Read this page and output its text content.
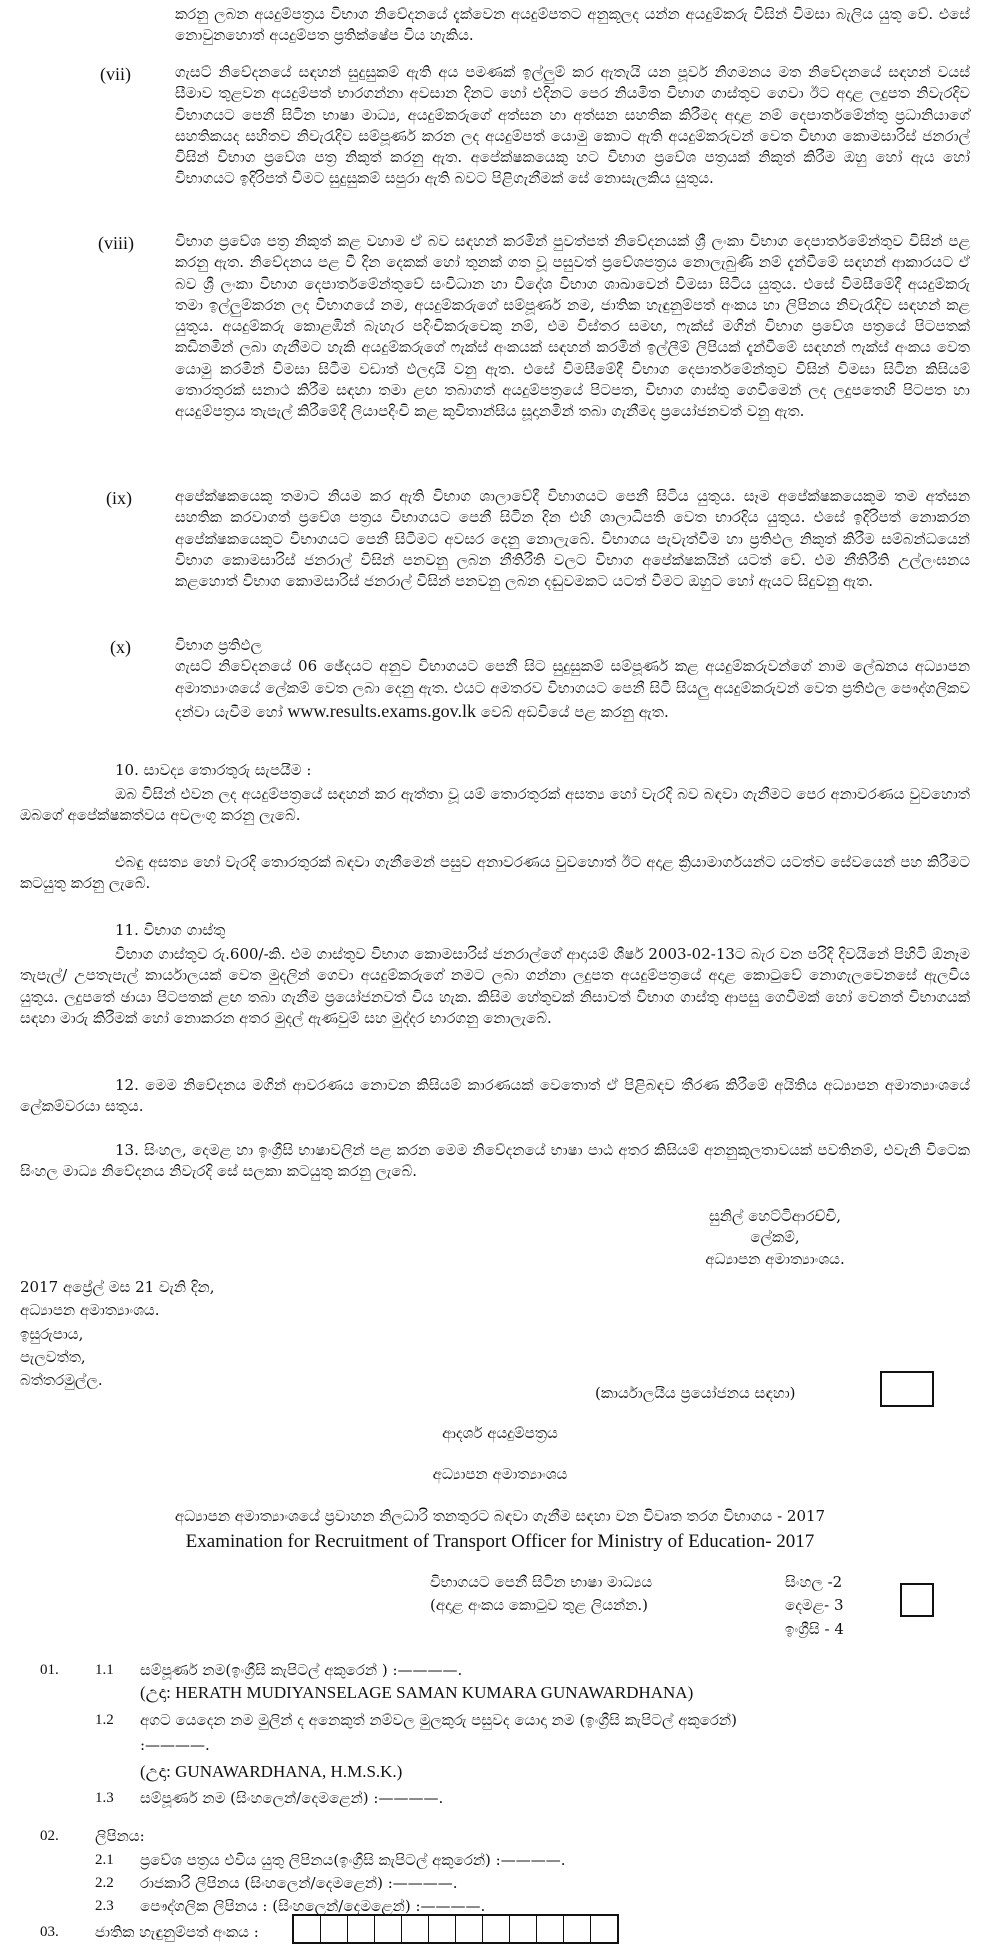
කරනු ලබන අයදුම්පත්‍රය විභාග නිවේදනයේ දැක්වෙන අයදුම්පතට අනුකූලද යන්න අයදුම්කරු විසින් විමසා බැලිය යුතු වේ. එසේ නොවුනහොත් අයදුම්පත ප්‍රතික්ෂේප විය හැකිය.

(vii)	ගැසට් නිවේදනයේ සඳහන් සුදුසුකම් ඇති අය පමණක් ඉල්ලුම් කර ඇතැයි යන පූර්ව නිගමනය මත නිවේදනයේ සඳහන් වයස් සීමාව තුළවන අයදුම්පත් භාරගන්නා අවසාන දිනට හෝ එදිනට පෙර නියමිත විභාග ගාස්තුව ගෙවා ඊට අදාළ ලදුපත නිවැරදිව විභාගයට පෙනී සිටින භාෂා මාධ්‍ය, අයදුම්කරුගේ අත්සන හා අත්සන සහතික කිරීමද අදාළ නම් දෙපාර්තමේන්තු ප්‍රධානියාගේ සහතිකයද සහිතව නිවැරැදිව සම්පූර්ණ කරන ලද අයදුම්පත් යොමු කොට ඇති අයදුම්කරුවන් වෙත විභාග කොමසාරිස් ජනරාල් විසින් විභාග ප්‍රවේශ පත්‍ර නිකුත් කරනු ඇත. අපේක්ෂකයෙකු හට විභාග ප්‍රවේශ පත්‍රයක් නිකුත් කිරීම ඔහු හෝ ඇය හෝ විභාගයට ඉදිරිපත් වීමට සුදුසුකම් සපුරා ඇති බවට පිළිගැනීමක් සේ නොසැලකිය යුතුය.

(viii)	විභාග ප්‍රවේශ පත්‍ර නිකුත් කළ වහාම ඒ බව සඳහන් කරමින් පුවත්පත් නිවේදනයක් ශ්‍රී ලංකා විභාග දෙපාර්තමේන්තුව විසින් පළ කරනු ඇත. නිවේදනය පළ වී දින දෙකක් හෝ තුනක් ගත වූ පසුවත් ප්‍රවේශපත්‍රය නොලැබුණි නම් දැන්වීමේ සඳහන් ආකාරයට ඒ බව ශ්‍රී ලංකා විභාග දෙපාර්තමේන්තුවේ සංවිධාන හා විදේශ විභාග ශාඛාවෙන් විමසා සිටිය යුතුය. එසේ විමසීමේදී අයදුම්කරු තමා ඉල්ලුම්කරන ලද විභාගයේ නම, අයදුම්කරුගේ සම්පූර්ණ නම, ජාතික හැඳුනුම්පත් අංකය හා ලිපිනය නිවැරැදිව සඳහන් කළ යුතුය. අයදුම්කරු කොළඹින් බැහැර පදිංචිකරුවෙකු නම්, එම විස්තර සමඟ, ෆැක්ස් මගින් විභාග ප්‍රවේශ පත්‍රයේ පිටපතක් කඩිනමින් ලබා ගැනීමට හැකි අයදුම්කරුගේ ෆැක්ස් අංකයක් සඳහන් කරමින් ඉල්ලීම් ලිපියක් දැන්වීමේ සඳහන් ෆැක්ස් අංකය වෙත යොමු කරමින් විමසා සිටීම වඩාත් ඵලදායි වනු ඇත. එසේ විමසීමේදී විභාග දෙපාර්තමේන්තුව විසින් විමසා සිටින කිසියම් තොරතුරක් සනාථ කිරීම සඳහා තමා ළඟ තබාගත් අයදුම්පත්‍රයේ පිටපත, විභාග ගාස්තු ගෙවීමෙන් ලද ලදුපතෙහි පිටපත හා අයදුම්පත්‍රය තැපැල් කිරීමේදී ලියාපදිංචි කළ කුවිතාන්සිය සූදානමින් තබා ගැනීමද ප්‍රයෝජනවත් වනු ඇත.

(ix)	අපේක්ෂකයෙකු තමාට නියම කර ඇති විභාග ශාලාවේදී විභාගයට පෙනී සිටිය යුතුය. සෑම අපේක්ෂකයෙකුම තම අත්සන සහතික කරවාගත් ප්‍රවේශ පත්‍රය විභාගයට පෙනී සිටින දින එහි ශාලාධිපති වෙත භාරදිය යුතුය. එසේ ඉදිරිපත් නොකරන අපේක්ෂකයෙකුට විභාගයට පෙනී සිටීමට අවසර දෙනු නොලැබේ. විභාගය පැවැත්වීම හා ප්‍රතිඵල නිකුත් කිරීම සම්බන්ධයෙන් විභාග කොමසාරිස් ජනරාල් විසින් පනවනු ලබන නීතිරීති වලට විභාග අපේක්ෂකයින් යටත් වේ. එම නීතිරීති උල්ලංඝනය කළහොත් විභාග කොමසාරිස් ජනරාල් විසින් පනවනු ලබන දඬුවමකට යටත් වීමට ඔහුට හෝ ඇයට සිදුවනු ඇත.

(x)	විභාග ප්‍රතිඵල

ගැසට් නිවේදනයේ 06 ඡේදයට අනුව විභාගයට පෙනී සිට සුදුසුකම් සම්පූර්ණ කළ අයදුම්කරුවන්ගේ නාම ලේඛනය අධ්‍යාපන අමාත්‍යාංශයේ ලේකම් වෙත ලබා දෙනු ඇත. එයට අමතරව විභාගයට පෙනී සිටි සියලු අයදුම්කරුවන් වෙත ප්‍රතිඵල පෞද්ගලිකව දන්වා යැවීම හෝ www.results.exams.gov.lk වෙබ් අඩවියේ පළ කරනු ඇත.

10. සාවද්‍ය තොරතුරු සැපයීම :

ඔබ විසින් එවන ලද අයදුම්පත්‍රයේ සඳහන් කර ඇත්තා වූ යම් තොරතුරක් අසත්‍ය හෝ වැරදි බව බඳවා ගැනීමට පෙර අනාවරණය වුවහොත් ඔබගේ අපේක්ෂකත්වය අවලංගු කරනු ලැබේ.

එබඳු අසත්‍ය හෝ වැරදි තොරතුරක් බඳවා ගැනීමෙන් පසුව අනාවරණය වුවහොත් ඊට අදාළ ක්‍රියාමාර්ගයන්ට යටත්ව සේවයෙන් පහ කිරීමට කටයුතු කරනු ලැබේ.

11. විභාග ගාස්තු

විභාග ගාස්තුව රු.600/-කි. එම ගාස්තුව විභාග කොමසාරිස් ජනරාල්ගේ ආදායම් ශීර්ෂ 2003-02-13ට බැර වන පරිදි දිවයිනේ පිහිටි ඕනෑම තැපැල්/ උපතැපැල් කාර්යාලයක් වෙත මුදලින් ගෙවා අයදුම්කරුගේ නමට ලබා ගන්නා ලදුපත අයදුම්පත්‍රයේ අදාළ කොටුවේ නොගැලවෙනසේ ඇලවිය යුතුය. ලදුපතේ ඡායා පිටපතක් ළඟ තබා ගැනීම ප්‍රයෝජනවත් විය හැක. කිසිම හේතුවක් නිසාවත් විභාග ගාස්තු ආපසු ගෙවීමක් හෝ වෙනත් විභාගයක් සඳහා මාරු කිරීමක් හෝ නොකරන අතර මුදල් ඇණවුම් සහ මුද්දර භාරගනු නොලැබේ.

12. මෙම නිවේදනය මගින් ආවරණය නොවන කිසියම් කාරණයක් වෙතොත් ඒ පිළිබඳව තීරණ කිරීමේ අයිතිය අධ්‍යාපන අමාත්‍යාංශයේ ලේකම්වරයා සතුය.

13. සිංහල, දෙමළ හා ඉංග්‍රීසි භාෂාවලින් පළ කරන මෙම නිවේදනයේ භාෂා පාඨ අතර කිසියම් අනනුකූලතාවයක් පවතිනම්, එවැනි විටෙක සිංහල මාධ්‍ය නිවේදනය නිවැරදි සේ සලකා කටයුතු කරනු ලැබේ.

සුනිල් හෙට්ටිආරච්චි,
ලේකම්,
අධ්‍යාපන අමාත්‍යාංශය.
2017 අප්‍රේල් මස 21 වැනි දින,
අධ්‍යාපන අමාත්‍යාංශය.
ඉසුරුපාය,
පැලවත්ත,
බත්තරමුල්ල.
(කාර්යාලයීය ප්‍රයෝජනය සඳහා)
ආදර්ශ අයදුම්පත්‍රය
අධ්‍යාපන අමාත්‍යාංශය
අධ්‍යාපන අමාත්‍යාංශයේ ප්‍රවාහන නිලධාරි තනතුරට බඳවා ගැනීම සඳහා වන විවෘත තරග විභාගය - 2017
Examination for Recruitment of Transport Officer for Ministry of Education- 2017
විභාගයට පෙනී සිටින භාෂා මාධ්‍යය
(අදාළ අංකය කොටුව තුළ ලියන්න.)
සිංහල -2
දෙමළ- 3
ඉංග්‍රීසි - 4
01. 1.1 සම්පූර්ණ නම(ඉංග්‍රීසි කැපිටල් අකුරෙන් ) :————.
(උදා: HERATH MUDIYANSELAGE SAMAN KUMARA GUNAWARDHANA)
1.2 අගට යෙදෙන නම මුලින් ද අනෙකුත් නම්වල මුලකුරු පසුවද යොදා නම (ඉංග්‍රීසි කැපිටල් අකුරෙන්)
:————.
(උදා: GUNAWARDHANA, H.M.S.K.)
1.3 සම්පූර්ණ නම (සිංහලෙන්/දෙමළෙන්) :————.
02. ලිපිනය:
2.1 ප්‍රවේශ පත්‍රය එවිය යුතු ලිපිනය(ඉංග්‍රීසි කැපිටල් අකුරෙන්) :————.
2.2 රාජකාරි ලිපිනය (සිංහලෙන්/දෙමළෙන්) :————.
2.3 පෞද්ගලික ලිපිනය : (සිංහලෙන්/දෙමළෙන්) :————.
03. ජාතික හැඳුනුම්පත් අංකය :
